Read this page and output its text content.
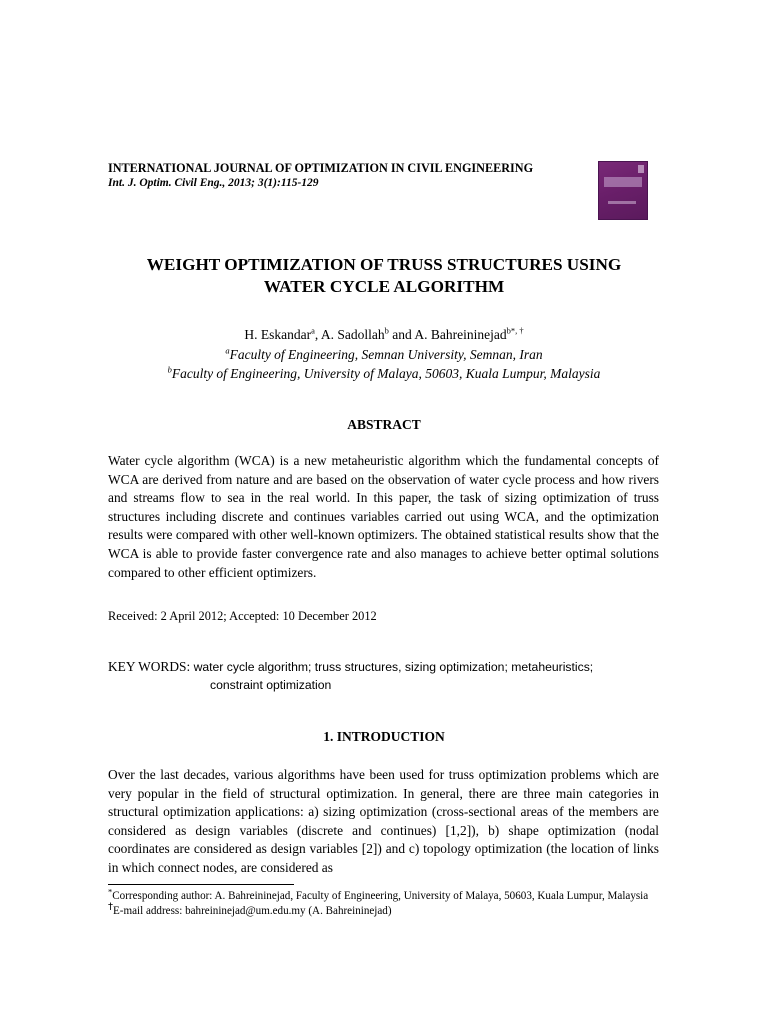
INTERNATIONAL JOURNAL OF OPTIMIZATION IN CIVIL ENGINEERING
Int. J. Optim. Civil Eng., 2013; 3(1):115-129
WEIGHT OPTIMIZATION OF TRUSS STRUCTURES USING
WATER CYCLE ALGORITHM
H. Eskandar$^a$, A. Sadollah$^b$ and A. Bahreininejad$^{b*, \dagger}$
$^a$Faculty of Engineering, Semnan University, Semnan, Iran
$^b$Faculty of Engineering, University of Malaya, 50603, Kuala Lumpur, Malaysia
ABSTRACT
Water cycle algorithm (WCA) is a new metaheuristic algorithm which the fundamental concepts of WCA are derived from nature and are based on the observation of water cycle process and how rivers and streams flow to sea in the real world. In this paper, the task of sizing optimization of truss structures including discrete and continues variables carried out using WCA, and the optimization results were compared with other well-known optimizers. The obtained statistical results show that the WCA is able to provide faster convergence rate and also manages to achieve better optimal solutions compared to other efficient optimizers.
Received: 2 April 2012; Accepted: 10 December 2012
KEY WORDS: water cycle algorithm; truss structures, sizing optimization; metaheuristics;
constraint optimization
1. INTRODUCTION
Over the last decades, various algorithms have been used for truss optimization problems which are very popular in the field of structural optimization. In general, there are three main categories in structural optimization applications: a) sizing optimization (cross-sectional areas of the members are considered as design variables (discrete and continues) [1,2]), b) shape optimization (nodal coordinates are considered as design variables [2]) and c) topology optimization (the location of links in which connect nodes, are considered as
*Corresponding author: A. Bahreininejad, Faculty of Engineering, University of Malaya, 50603, Kuala Lumpur, Malaysia
†E-mail address: bahreininejad@um.edu.my (A. Bahreininejad)
